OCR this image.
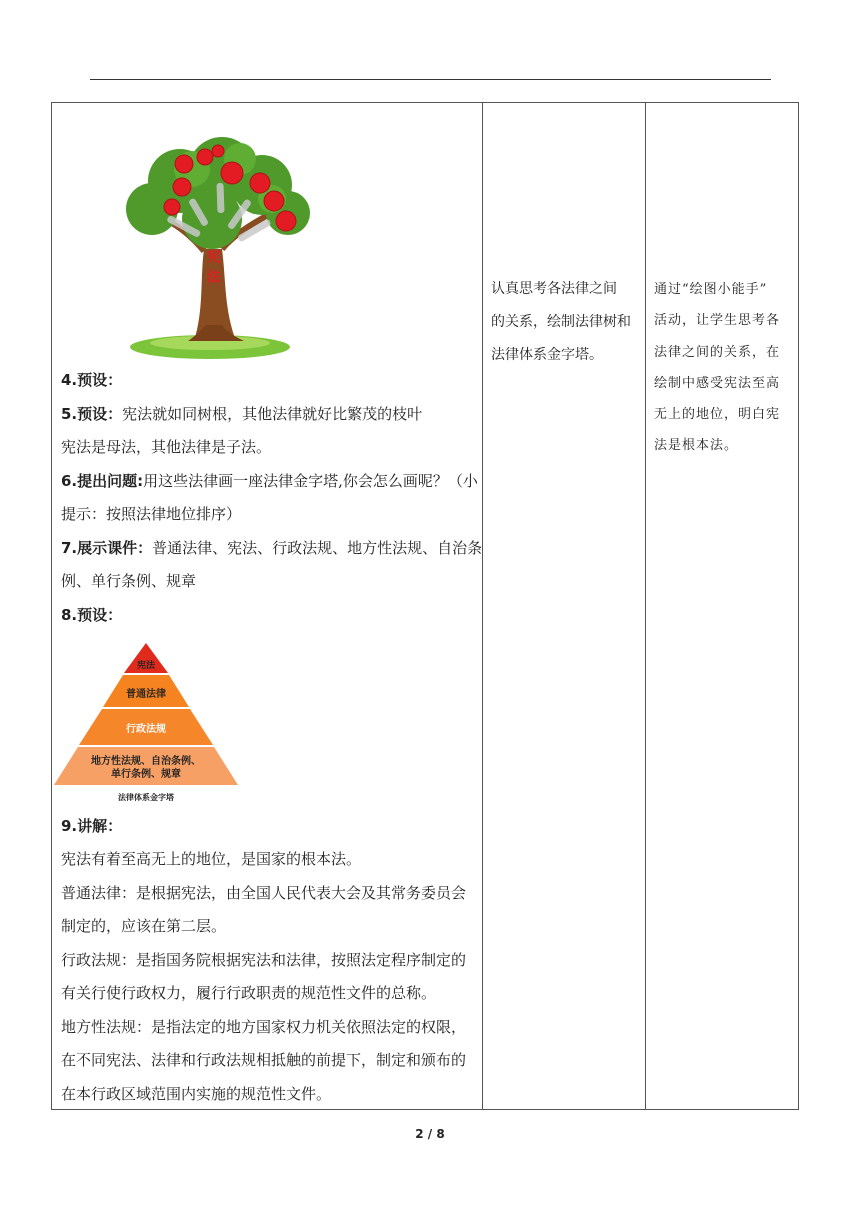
宪法
4.预设：
5.预设：宪法就如同树根，其他法律就好比繁茂的枝叶
宪法是母法，其他法律是子法。
6.提出问题:用这些法律画一座法律金字塔,你会怎么画呢？（小
提示：按照法律地位排序）
7.展示课件：普通法律、宪法、行政法规、地方性法规、自治条
例、单行条例、规章
8.预设：
宪法
普通法律
行政法规
地方性法规、自治条例、
单行条例、规章
法律体系金字塔
9.讲解：
宪法有着至高无上的地位，是国家的根本法。
普通法律：是根据宪法，由全国人民代表大会及其常务委员会
制定的，应该在第二层。
行政法规：是指国务院根据宪法和法律，按照法定程序制定的
有关行使行政权力，履行行政职责的规范性文件的总称。
地方性法规：是指法定的地方国家权力机关依照法定的权限，
在不同宪法、法律和行政法规相抵触的前提下，制定和颁布的
在本行政区域范围内实施的规范性文件。
认真思考各法律之间
的关系，绘制法律树和
法律体系金字塔。
通过“绘图小能手”
活动，让学生思考各
法律之间的关系，在
绘制中感受宪法至高
无上的地位，明白宪
法是根本法。
2 / 8
